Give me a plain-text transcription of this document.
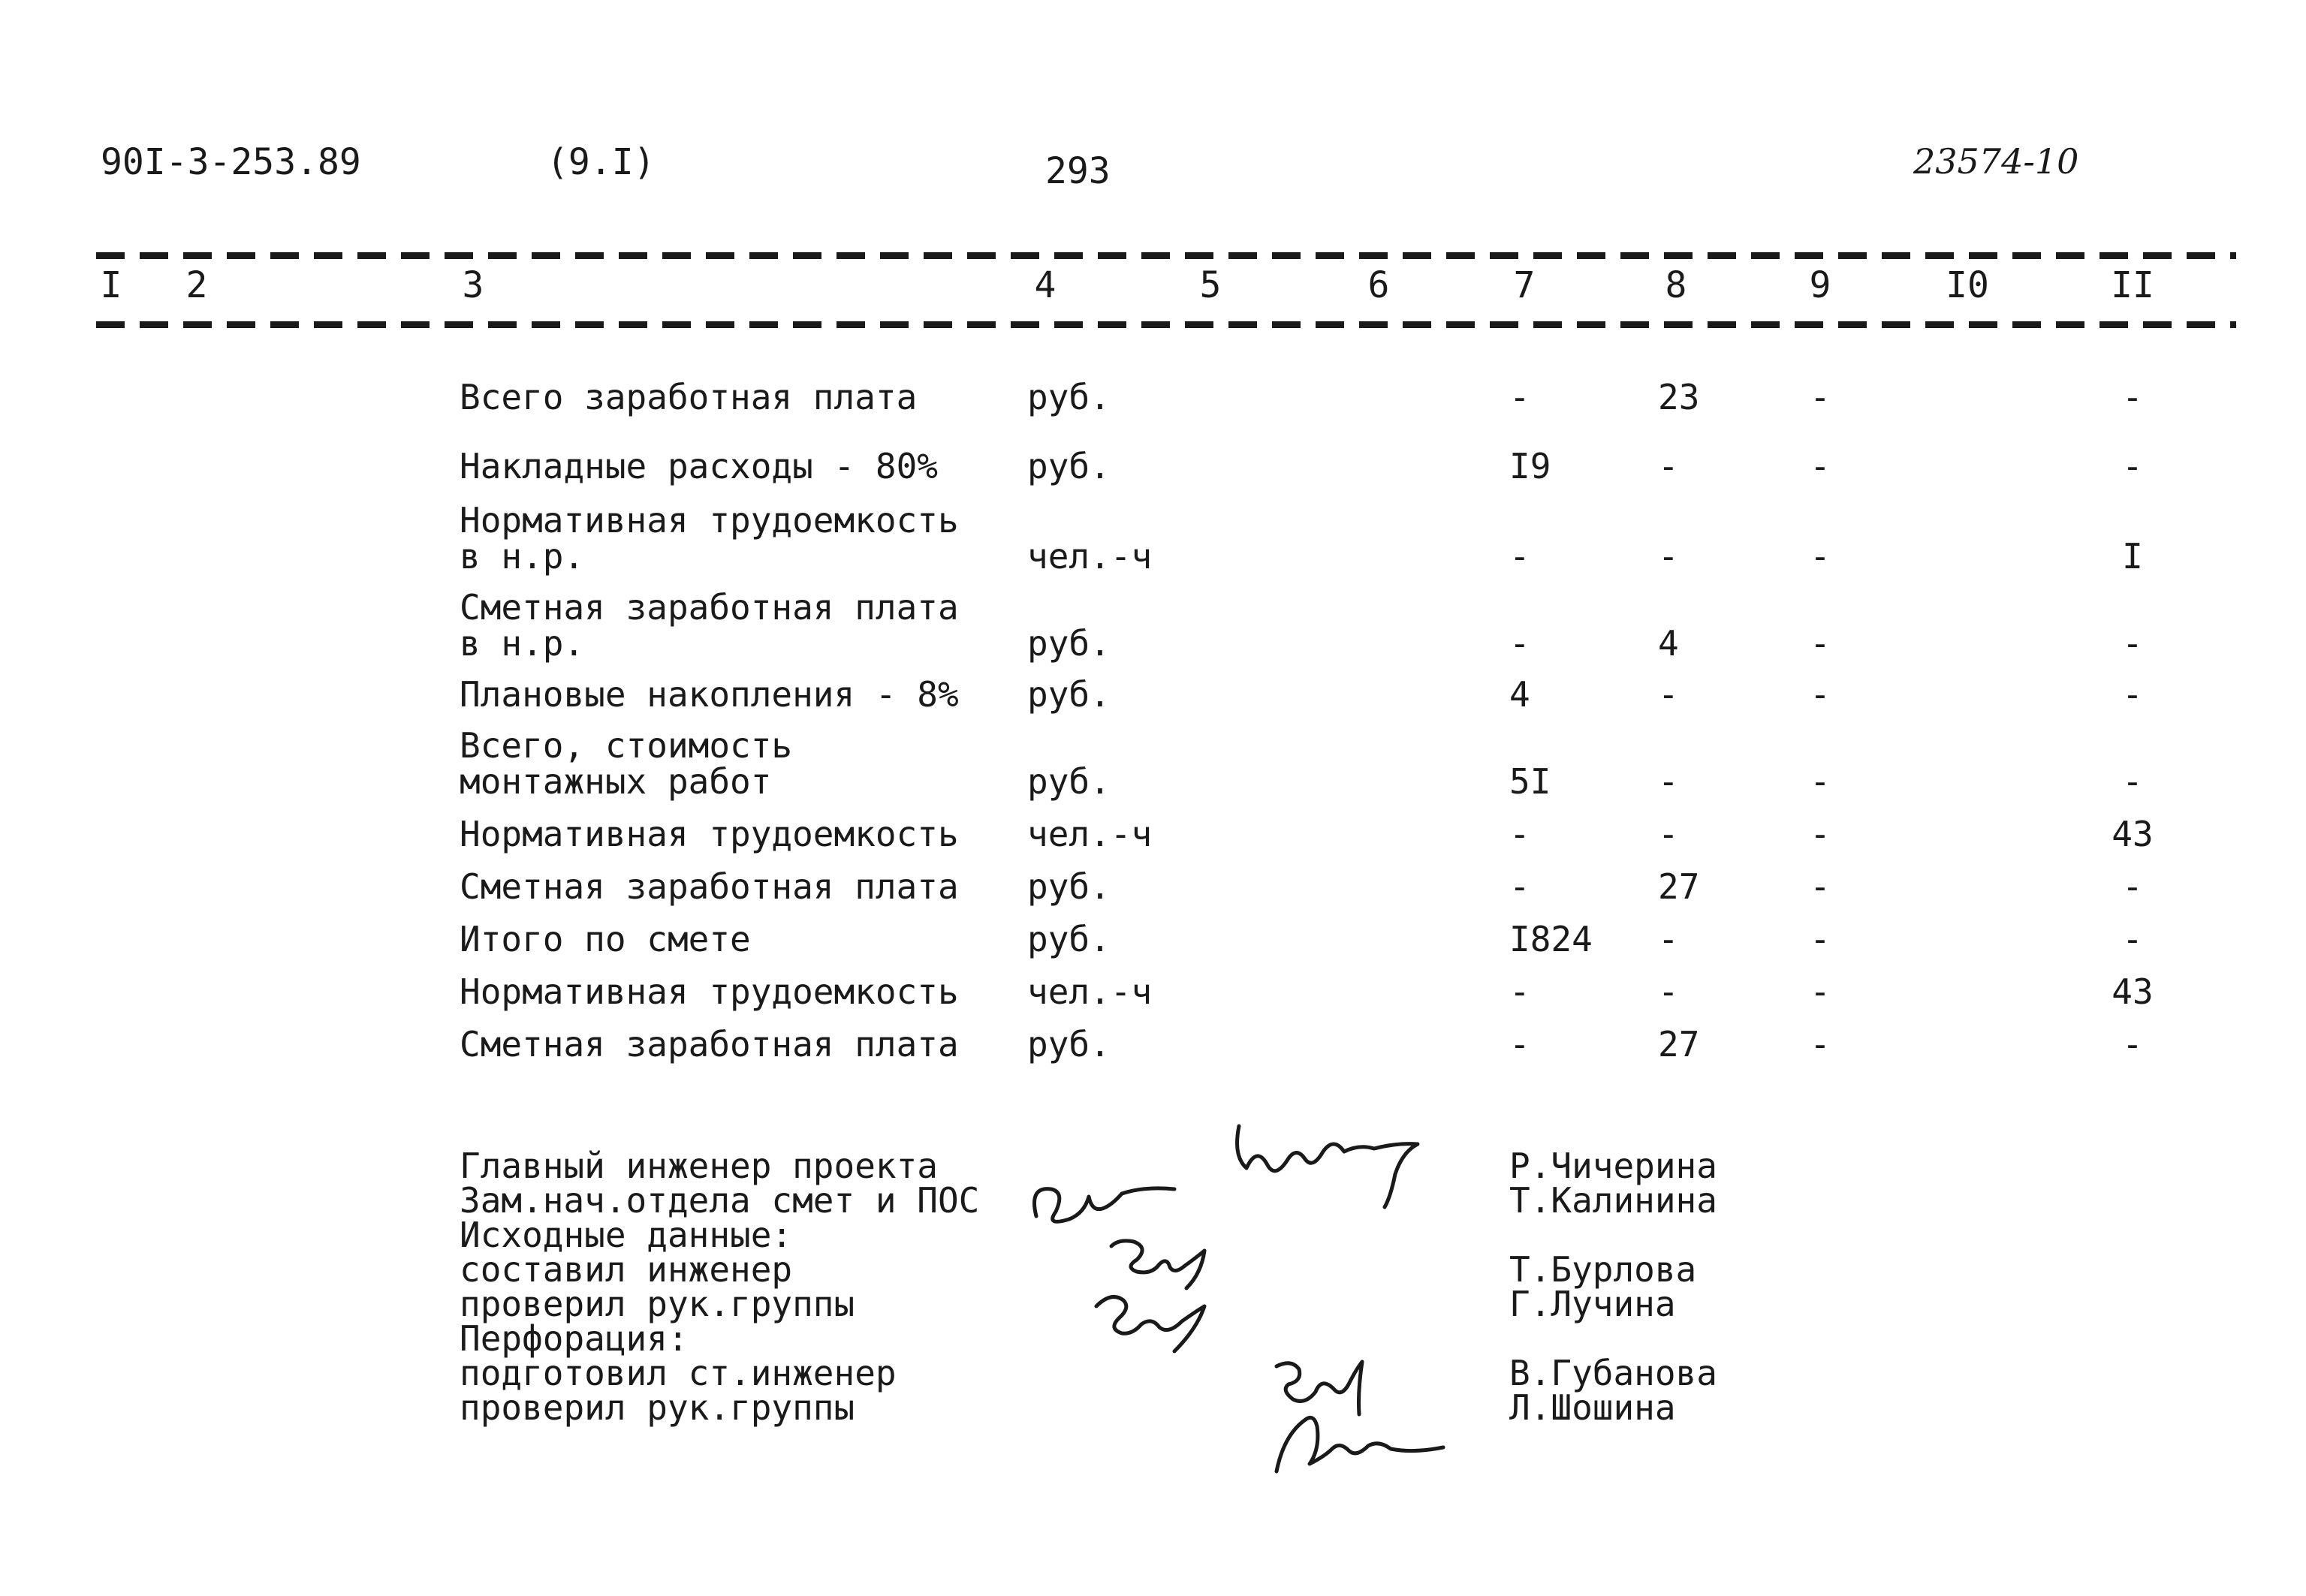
90I-3-253.89	(9.I)	293	23574-10
I 2	3	4	5	6	7	8	9	I0	II
Всего заработная плата	руб.	-	23	-	-
Накладные расходы - 80%	руб.	I9	-	-	-
Нормативная трудоемкость
в н.р.	чел.-ч	-	-	-	I
Сметная заработная плата
в н.р.	руб.	-	4	-	-
Плановые накопления - 8% руб.	4	-	-	-
Всего, стоимость
монтажных работ	руб.	5I	-	-	-
Нормативная трудоемкость чел.-ч	-	-	-	43
Сметная заработная плата руб.	-	27	-	-
Итого по смете	руб.	I824 -	-	-
Нормативная трудоемкость чел.-ч	-	-	-	43
Сметная заработная плата руб.	-	27	-	-
Главный инженер проекта
Зам.нач.отдела смет и ПОС
Исходные данные:
составил инженер
проверил рук.группы
Перфорация:
подготовил ст.инженер
проверил рук.группы
Р.Чичерина
Т.Калинина
Т.Бурлова
Г.Лучина
В.Губанова
Л.Шошина
